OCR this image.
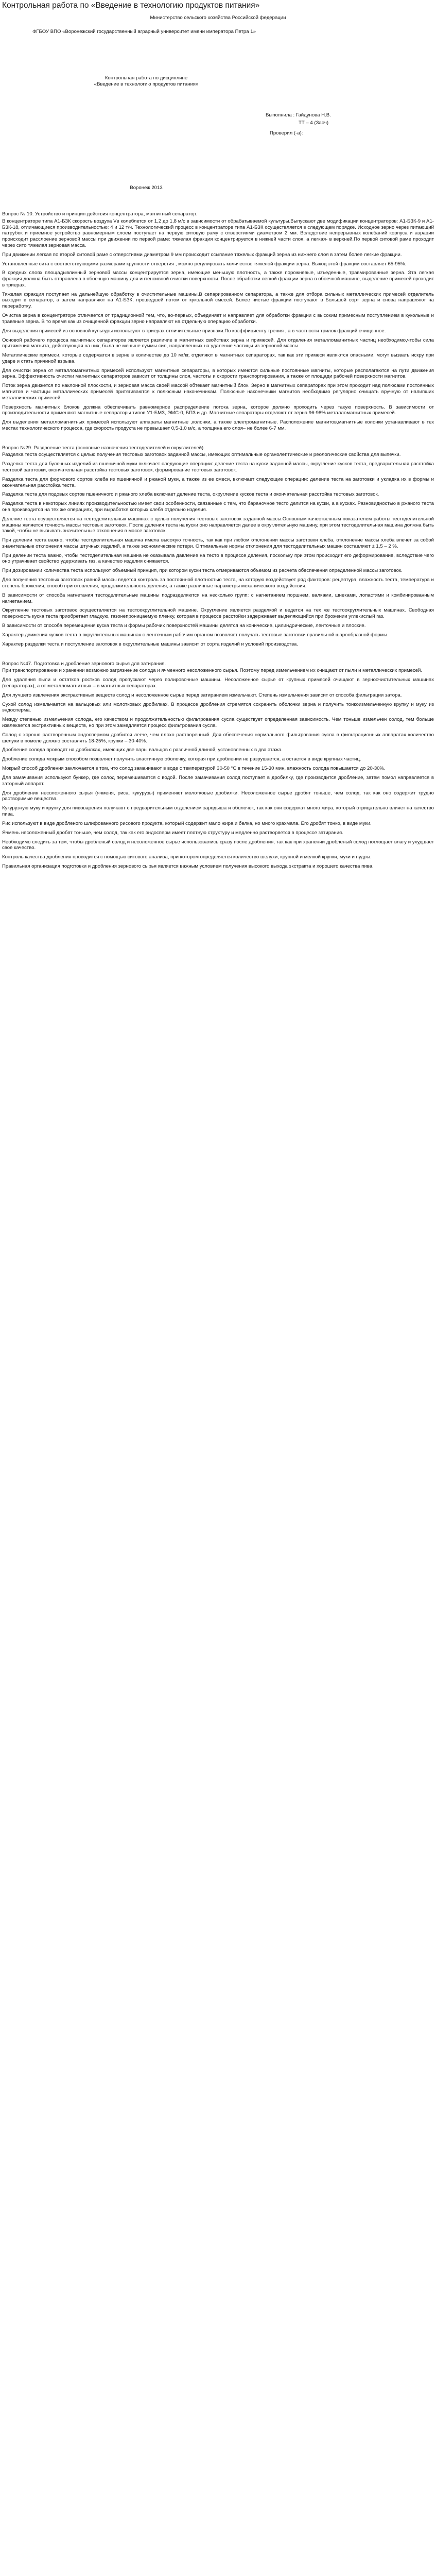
Контрольная работа по «Введение в технологию продуктов питания»
Министерство сельского хозяйства Российской федерации
ФГБОУ ВПО «Воронежский государственный аграрный университет имени императора Петра 1»
Контрольная работа по дисциплине
«Введение в технологию продуктов питания»
Выполнила : Гайдунова Н.В.
ТТ – 4 (Заоч)
Проверил (-а):
Воронеж 2013
Вопрос № 10. Устройство и принцип действия концентратора, магнитный сепаратор.

В концентраторе типа А1-БЗК скорость воздуха Vв колеблется от 1,2 до 1,8 м/с в зависимости от обрабатываемой культуры.Выпускают две модификации концентраторов: А1-БЗК-9 и А1-БЗК-18, отличающиеся производительностью: 4 и 12 т/ч. Технологический процесс в концентраторе типа А1-БЗК осуществляется в следующем порядке. Исходное зерно через питающий патрубок и приемное устройство равномерным слоем поступает на первую ситовую раму с отверстиями диаметром 2 мм. Вследствие непрерывных колебаний корпуса и аэрации происходит расслоение зерновой массы при движении по первой раме: тяжелая фракция концентрируется в нижней части слоя, а легкая- в верхней.По первой ситовой раме проходит через сито тяжелая зерновая масса.

При движении легкая по второй ситовой раме с отверстиями диаметром 9 мм происходит ссыпание тяжелых фракций зерна из нижнего слоя в затем более легкие фракции.

Установленные сита с соответствующими размерами крупности отверстия , можно регулировать количество тяжелой фракции зерна. Выход этой фракции составляет 65-95%.

В средних слоях площадывлинный зерновой массы концентрируется зерна, имеющие меньшую плотность, а также порожневые, изъеденные, травмированные зерна. Эта легкая фракция должна быть отправлена в обоечную машину для интенсивной очистки поверхности. После обработки легкой фракции зерна в обоечной машине, выделение примесей проходит в триерах.

Тяжелая фракция поступает на дальнейшую обработку в очистительные машины.В сепарированном сепаратора, а также для отбора сильных металлических примесей отделитель выходит в сепаратор, а затем направляют на А1-БЗК, прошедшей потом от кукольной смесей. Более чистые фракции поступают в Большой сорт зерна и снова направляют на переработку.

Очистка зерна в концентраторе отличается от традиционной тем, что, во-первых, объединяет и направляет для обработки фракции с высоким примесным поступлением в кукольные и травяные зерна. В то время как из очищенной фракции зерно направляют на отдельную операцию обработки.

Для выделения примесей из основной культуры используют в триерах отличительные признаки.По коэффициенту трения , а в частности трилок фракций очищенное.

Основой рабочего процесса магнитных сепараторов является различие в магнитных свойствах зерна и примесей. Для отделения металломагнитных частиц необходимо,чтобы сила притяжения магнита, действующая на них, была не меньше суммы сил, направленных на удаление частицы из зерновой массы.

Металлические примеси, которые содержатся в зерне в количестве до 10 мг/кг, отделяют в магнитных сепараторах, так как эти примеси являются опасными, могут вызвать искру при ударе и стать причиной взрыва.

Для очистки зерна от металломагнитных примесей используют магнитные сепараторы, в которых имеются сильные постоянные магниты, которые располагаются на пути движения зерна. Эффективность очистки магнитных сепараторов зависит от толщины слоя, частоты и скорости транспортирования, а также от площади рабочей поверхности магнитов.

Поток зерна движется по наклонной плоскости, и зерновая масса своей массой обтекает магнитный блок. Зерно в магнитных сепараторах при этом проходит над полюсами постоянных магнитов и частицы металлических примесей притягиваются к полюсным наконечникам. Полюсные наконечники магнитов необходимо регулярно очищать вручную от налипших металлических примесей.

Поверхность магнитных блоков должна обеспечивать равномерное распределение потока зерна, которое должно проходить через такую поверхность. В зависимости от производительности применяют магнитные сепараторы типов У1-БМЗ, ЭМС-0, БПЗ и др. Магнитные сепараторы отделяют от зерна 96-98% металломагнитных примесей.

Для выделения металломагнитных примесей используют аппараты магнитные ,колонки, а также электромагнитные. Расположение магнитов,магнитные колонки устанавливают в тех местах технологического процесса, где скорость продукта не превышает 0,5-1,0 м/с, а толщина его слоя– не более 6-7 мм.

Вопрос №29. Раздвоение теста (основные назначения тестоделителей и округлителей).

Разделка теста осуществляется с целью получения тестовых заготовок заданной массы, имеющих оптимальные органолептические и реологические свойства для выпечки.

Разделка теста для булочных изделий из пшеничной муки включает следующие операции: деление теста на куски заданной массы, округление кусков теста, предварительная расстойка тестовой заготовки, окончательная расстойка тестовых заготовок, формирование тестовых заготовок.

Разделка теста для формового сортов хлеба из пшеничной и ржаной муки, а также из ее смеси, включает следующие операции: деление теста на заготовки и укладка их в формы и окончательная расстойка теста.

Разделка теста для подовых сортов пшеничного и ржаного хлеба включает деление теста, округление кусков теста и окончательная расстойка тестовых заготовок.

Разделка теста в некоторых линиях производительностью имеет свои особенности, связанные с тем, что бараночное тесто делится на куски, а в кусках. Разновидностью в ржаного теста она производится на тех же операциях, при выработке которых хлеба отдельно изделия.

Деление теста осуществляется на тестоделительных машинах с целью получения тестовых заготовок заданной массы.Основным качественным показателем работы тестоделительной машины является точность массы тестовых заготовок. После деления теста на куски оно направляется далее в округлительную машину, при этом тестоделительная машина должна быть такой, чтобы не вызывать значительные отклонения в массе заготовок.

При делении теста важно, чтобы тестоделительная машина имела высокую точность, так как при любом отклонении массы заготовки хлеба, отклонение массы хлеба влечет за собой значительные отклонения массы штучных изделий, а также экономические потери. Оптимальные нормы отклонения для тестоделительных машин составляют ± 1,5 – 2 %.

При делении теста важно, чтобы тестоделительная машина не оказывала давление на тесто в процессе деления, поскольку при этом происходит его деформирование, вследствие чего оно утрачивает свойство удерживать газ, а качество изделия снижается.

При дозировании количества теста используют объемный принцип, при котором куски теста отмериваются объемом из расчета обеспечения определенной массы заготовок.

Для получения тестовых заготовок равной массы ведется контроль за постоянной плотностью теста, на которую воздействует ряд факторов: рецептура, влажность теста, температура и степень брожения, способ приготовления, продолжительность деления, а также различные параметры механического воздействия.

В зависимости от способа нагнетания тестоделительные машины подразделяются на несколько групп: с нагнетанием поршнем, валками, шнеками, лопастями и комбинированным нагнетанием.

Округление тестовых заготовок осуществляется на тестоокруглительной машине. Округление является разделкой и ведется на тех же тестоокруглительных машинах. Свободная поверхность куска теста приобретает гладкую, газонепроницаемую пленку, которая в процессе расстойки задерживает выделяющийся при брожении углекислый газ.

В зависимости от способа перемещения куска теста и формы рабочих поверхностей машины делятся на конические, цилиндрические, ленточные и плоские.

Характер движения кусков теста в округлительных машинах с ленточным рабочим органом позволяет получать тестовые заготовки правильной шарообразной формы.

Характер разделки теста и поступление заготовок в округлительные машины зависит от сорта изделий и условий производства.

Вопрос №47. Подготовка и дробление зернового сырья для затирания.

При транспортировании и хранении возможно загрязнение солода и ячменного несоложенного сырья. Поэтому перед измельчением их очищают от пыли и металлических примесей.

Для удаления пыли и остатков ростков солод пропускают через полировочные машины. Несоложенное сырье от крупных примесей очищают в зерноочистительных машинах (сепараторах), а от металломагнитных – в магнитных сепараторах.

Для лучшего извлечения экстрактивных веществ солод и несоложенное сырье перед затиранием измельчают. Степень измельчения зависит от способа фильтрации затора.

Сухой солод измельчается на вальцовых или молотковых дробилках. В процессе дробления стремятся сохранить оболочки зерна и получить тонкоизмельченную крупку и муку из эндосперма.

Между степенью измельчения солода, его качеством и продолжительностью фильтрования сусла существует определенная зависимость. Чем тоньше измельчен солод, тем больше извлекается экстрактивных веществ, но при этом замедляется процесс фильтрования сусла.

Солод с хорошо растворенным эндоспермом дробится легче, чем плохо растворенный. Для обеспечения нормального фильтрования сусла в фильтрационных аппаратах количество шелухи в помоле должно составлять 18-25%, крупки – 30-40%.

Дробление солода проводят на дробилках, имеющих две пары вальцов с различной длиной, установленных в два этажа.

Дробление солода мокрым способом позволяет получить эластичную оболочку, которая при дроблении не разрушается, а остается в виде крупных частиц.

Мокрый способ дробления заключается в том, что солод замачивают в воде с температурой 30-50 °С в течение 15-30 мин, влажность солода повышается до 20-30%.

Для замачивания используют бункер, где солод перемешивается с водой. После замачивания солод поступает в дробилку, где производится дробление, затем помол направляется в заторный аппарат.

Для дробления несоложенного сырья (ячменя, риса, кукурузы) применяют молотковые дробилки. Несоложенное сырье дробят тоньше, чем солод, так как оно содержит трудно растворимые вещества.

Кукурузную муку и крупку для пивоварения получают с предварительным отделением зародыша и оболочек, так как они содержат много жира, который отрицательно влияет на качество пива.

Рис используют в виде дробленого шлифованного рисового продукта, который содержит мало жира и белка, но много крахмала. Его дробят тонко, в виде муки.

Ячмень несоложенный дробят тоньше, чем солод, так как его эндосперм имеет плотную структуру и медленно растворяется в процессе затирания.

Необходимо следить за тем, чтобы дробленый солод и несоложенное сырье использовались сразу после дробления, так как при хранении дробленый солод поглощает влагу и ухудшает свое качество.

Контроль качества дробления проводится с помощью ситового анализа, при котором определяется количество шелухи, крупной и мелкой крупки, муки и пудры.

Правильная организация подготовки и дробления зернового сырья является важным условием получения высокого выхода экстракта и хорошего качества пива.
